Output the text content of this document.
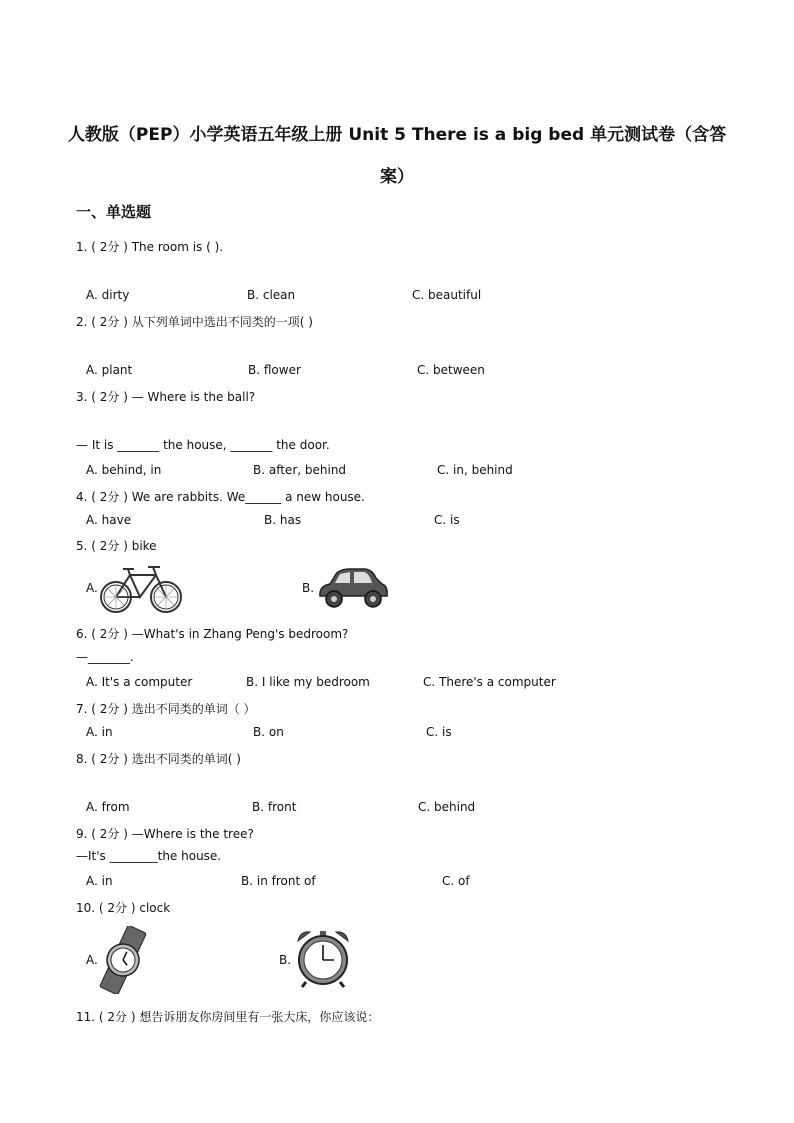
人教版（PEP）小学英语五年级上册 Unit 5 There is a big bed 单元测试卷（含答案）
一、单选题
1. ( 2分 ) The room is ( ).
A. dirty	B. clean	C. beautiful
2. ( 2分 ) 从下列单词中选出不同类的一项( )
A. plant	B. flower	C. between
3. ( 2分 ) — Where is the ball?
— It is _______ the house, _______ the door.
A. behind, in	B. after, behind	C. in, behind
4. ( 2分 ) We are rabbits. We______ a new house.
A. have	B. has	C. is
5. ( 2分 ) bike
A.	B.
6. ( 2分 ) —What's in Zhang Peng's bedroom?
—_______.
A. It's a computer	B. I like my bedroom	C. There's a computer
7. ( 2分 ) 选出不同类的单词（ ）
A. in	B. on	C. is
8. ( 2分 ) 选出不同类的单词( )
A. from	B. front	C. behind
9. ( 2分 ) —Where is the tree?
—It's ________the house.
A. in	B. in front of	C. of
10. ( 2分 ) clock
A.	B.
11. ( 2分 ) 想告诉朋友你房间里有一张大床，你应该说：
